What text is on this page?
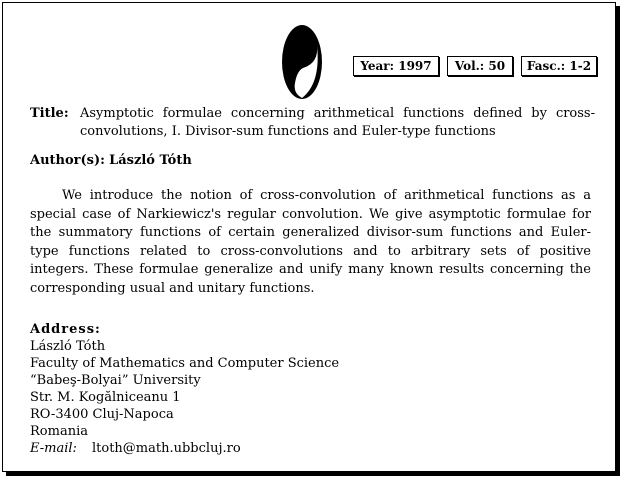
Year: 1997	Vol.: 50	Fasc.: 1-2
Title: Asymptotic formulae concerning arithmetical functions defined by cross-convolutions, I. Divisor-sum functions and Euler-type functions
Author(s): László Tóth

We introduce the notion of cross-convolution of arithmetical functions as a special case of Narkiewicz's regular convolution. We give asymptotic formulae for the summatory functions of certain generalized divisor-sum functions and Euler-type functions related to cross-convolutions and to arbitrary sets of positive integers. These formulae generalize and unify many known results concerning the corresponding usual and unitary functions.

Address:
László Tóth
Faculty of Mathematics and Computer Science
“Babeş-Bolyai” University
Str. M. Kogălniceanu 1
RO-3400 Cluj-Napoca
Romania
E-mail: ltoth@math.ubbcluj.ro
